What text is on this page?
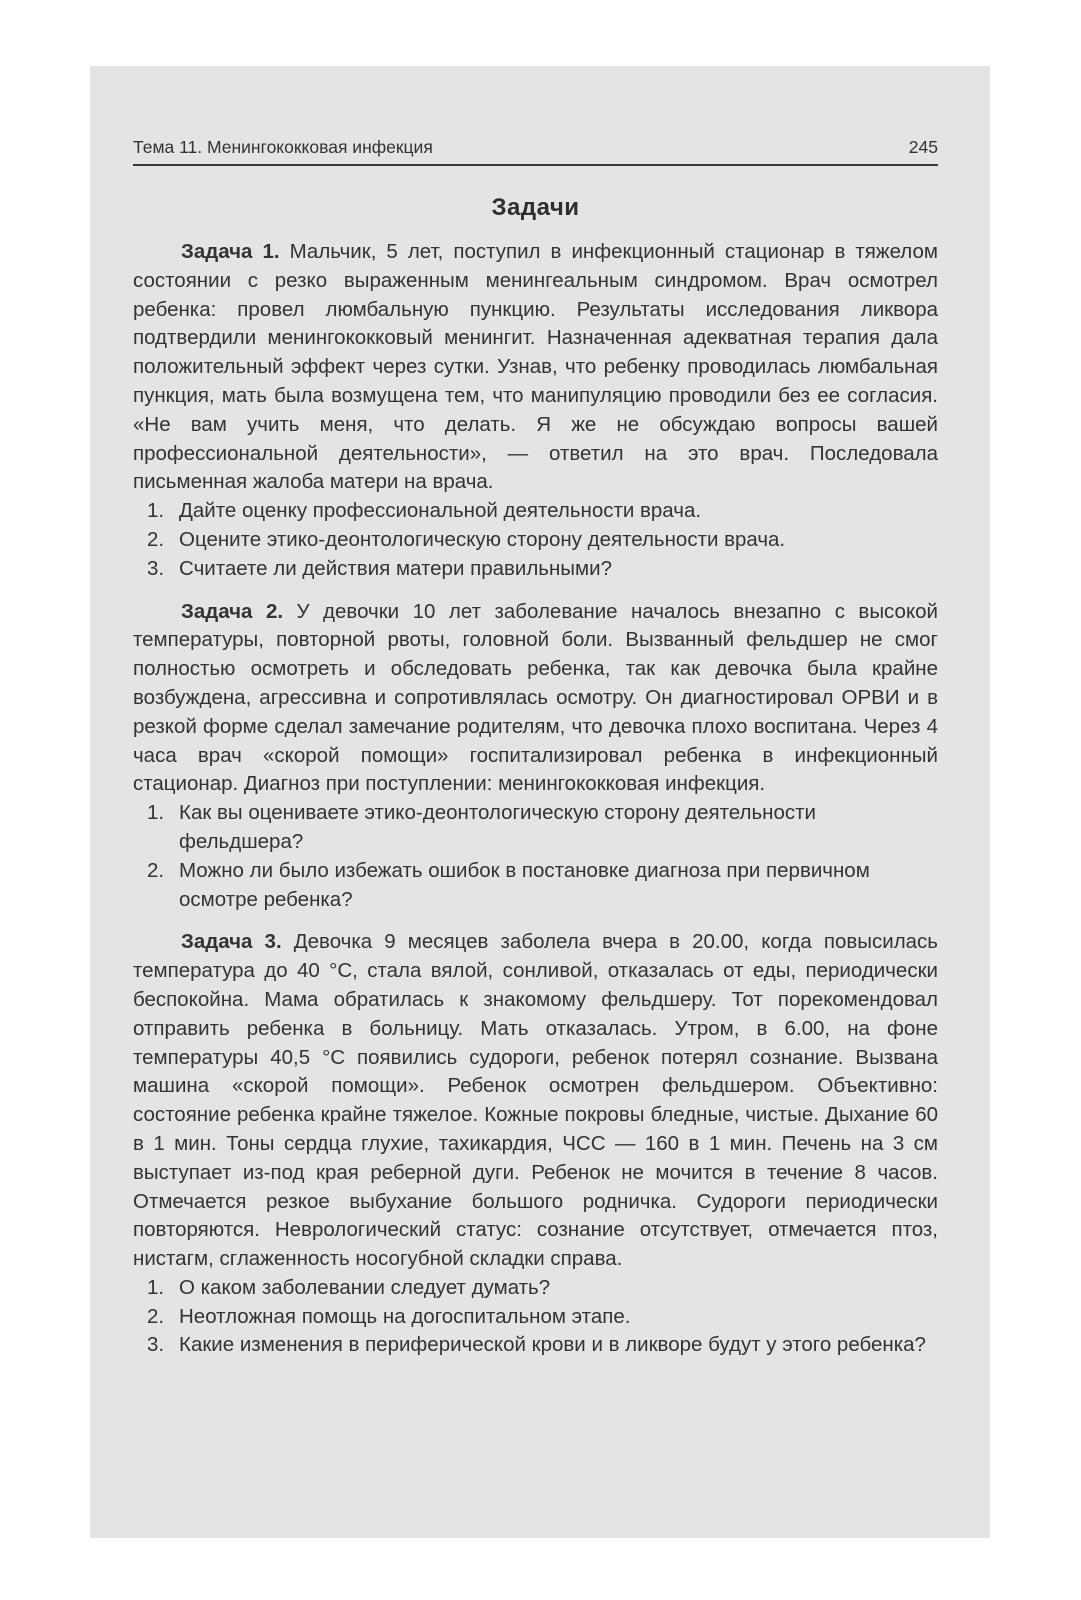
Тема 11. Менингококковая инфекция	245
Задачи

Задача 1. Мальчик, 5 лет, поступил в инфекционный стационар в тяжелом состоянии с резко выраженным менингеальным синдромом. Врач осмотрел ребенка: провел люмбальную пункцию. Результаты исследования ликвора подтвердили менингококковый менингит. Назначенная адекватная терапия дала положительный эффект через сутки. Узнав, что ребенку проводилась люмбальная пункция, мать была возмущена тем, что манипуляцию проводили без ее согласия. «Не вам учить меня, что делать. Я же не обсуждаю вопросы вашей профессиональной деятельности», — ответил на это врач. Последовала письменная жалоба матери на врача.

1. Дайте оценку профессиональной деятельности врача.
2. Оцените этико-деонтологическую сторону деятельности врача.
3. Считаете ли действия матери правильными?

Задача 2. У девочки 10 лет заболевание началось внезапно с высокой температуры, повторной рвоты, головной боли. Вызванный фельдшер не смог полностью осмотреть и обследовать ребенка, так как девочка была крайне возбуждена, агрессивна и сопротивлялась осмотру. Он диагностировал ОРВИ и в резкой форме сделал замечание родителям, что девочка плохо воспитана. Через 4 часа врач «скорой помощи» госпитализировал ребенка в инфекционный стационар. Диагноз при поступлении: менингококковая инфекция.

1. Как вы оцениваете этико-деонтологическую сторону деятельности фельдшера?
2. Можно ли было избежать ошибок в постановке диагноза при первичном осмотре ребенка?

Задача 3. Девочка 9 месяцев заболела вчера в 20.00, когда повысилась температура до 40 °С, стала вялой, сонливой, отказалась от еды, периодически беспокойна. Мама обратилась к знакомому фельдшеру. Тот порекомендовал отправить ребенка в больницу. Мать отказалась. Утром, в 6.00, на фоне температуры 40,5 °С появились судороги, ребенок потерял сознание. Вызвана машина «скорой помощи». Ребенок осмотрен фельдшером. Объективно: состояние ребенка крайне тяжелое. Кожные покровы бледные, чистые. Дыхание 60 в 1 мин. Тоны сердца глухие, тахикардия, ЧСС — 160 в 1 мин. Печень на 3 см выступает из-под края реберной дуги. Ребенок не мочится в течение 8 часов. Отмечается резкое выбухание большого родничка. Судороги периодически повторяются. Неврологический статус: сознание отсутствует, отмечается птоз, нистагм, сглаженность носогубной складки справа.

1. О каком заболевании следует думать?
2. Неотложная помощь на догоспитальном этапе.
3. Какие изменения в периферической крови и в ликворе будут у этого ребенка?
